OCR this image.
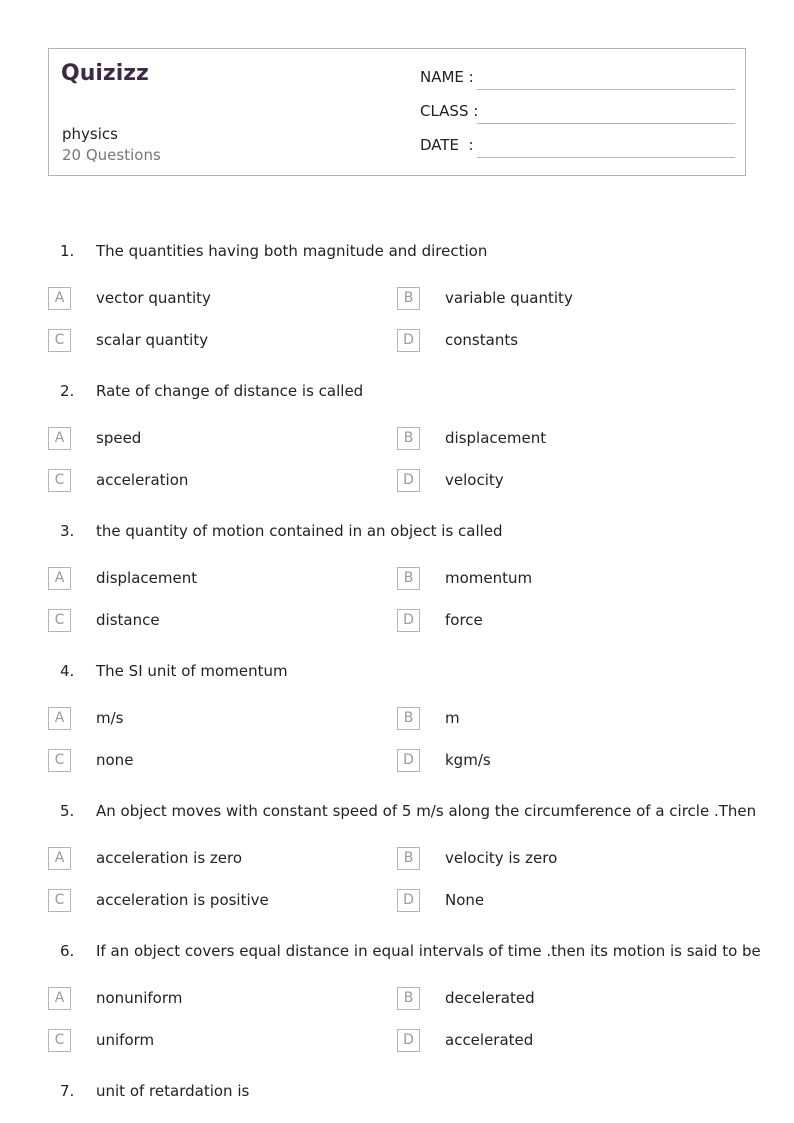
Quizizz
physics
20 Questions
NAME :
CLASS :
DATE  :
1. The quantities having both magnitude and direction
A	vector quantity	B	variable quantity
C	scalar quantity	D	constants
2. Rate of change of distance is called
A	speed	B	displacement
C	acceleration	D	velocity
3. the quantity of motion contained in an object is called
A	displacement	B	momentum
C	distance	D	force
4. The SI unit of momentum
A	m/s	B	m
C	none	D	kgm/s
5. An object moves with constant speed of 5 m/s along the circumference of a circle .Then
A	acceleration is zero	B	velocity is zero
C	acceleration is positive	D	None
6. If an object covers equal distance in equal intervals of time .then its motion is said to be
A	nonuniform	B	decelerated
C	uniform	D	accelerated
7. unit of retardation is
